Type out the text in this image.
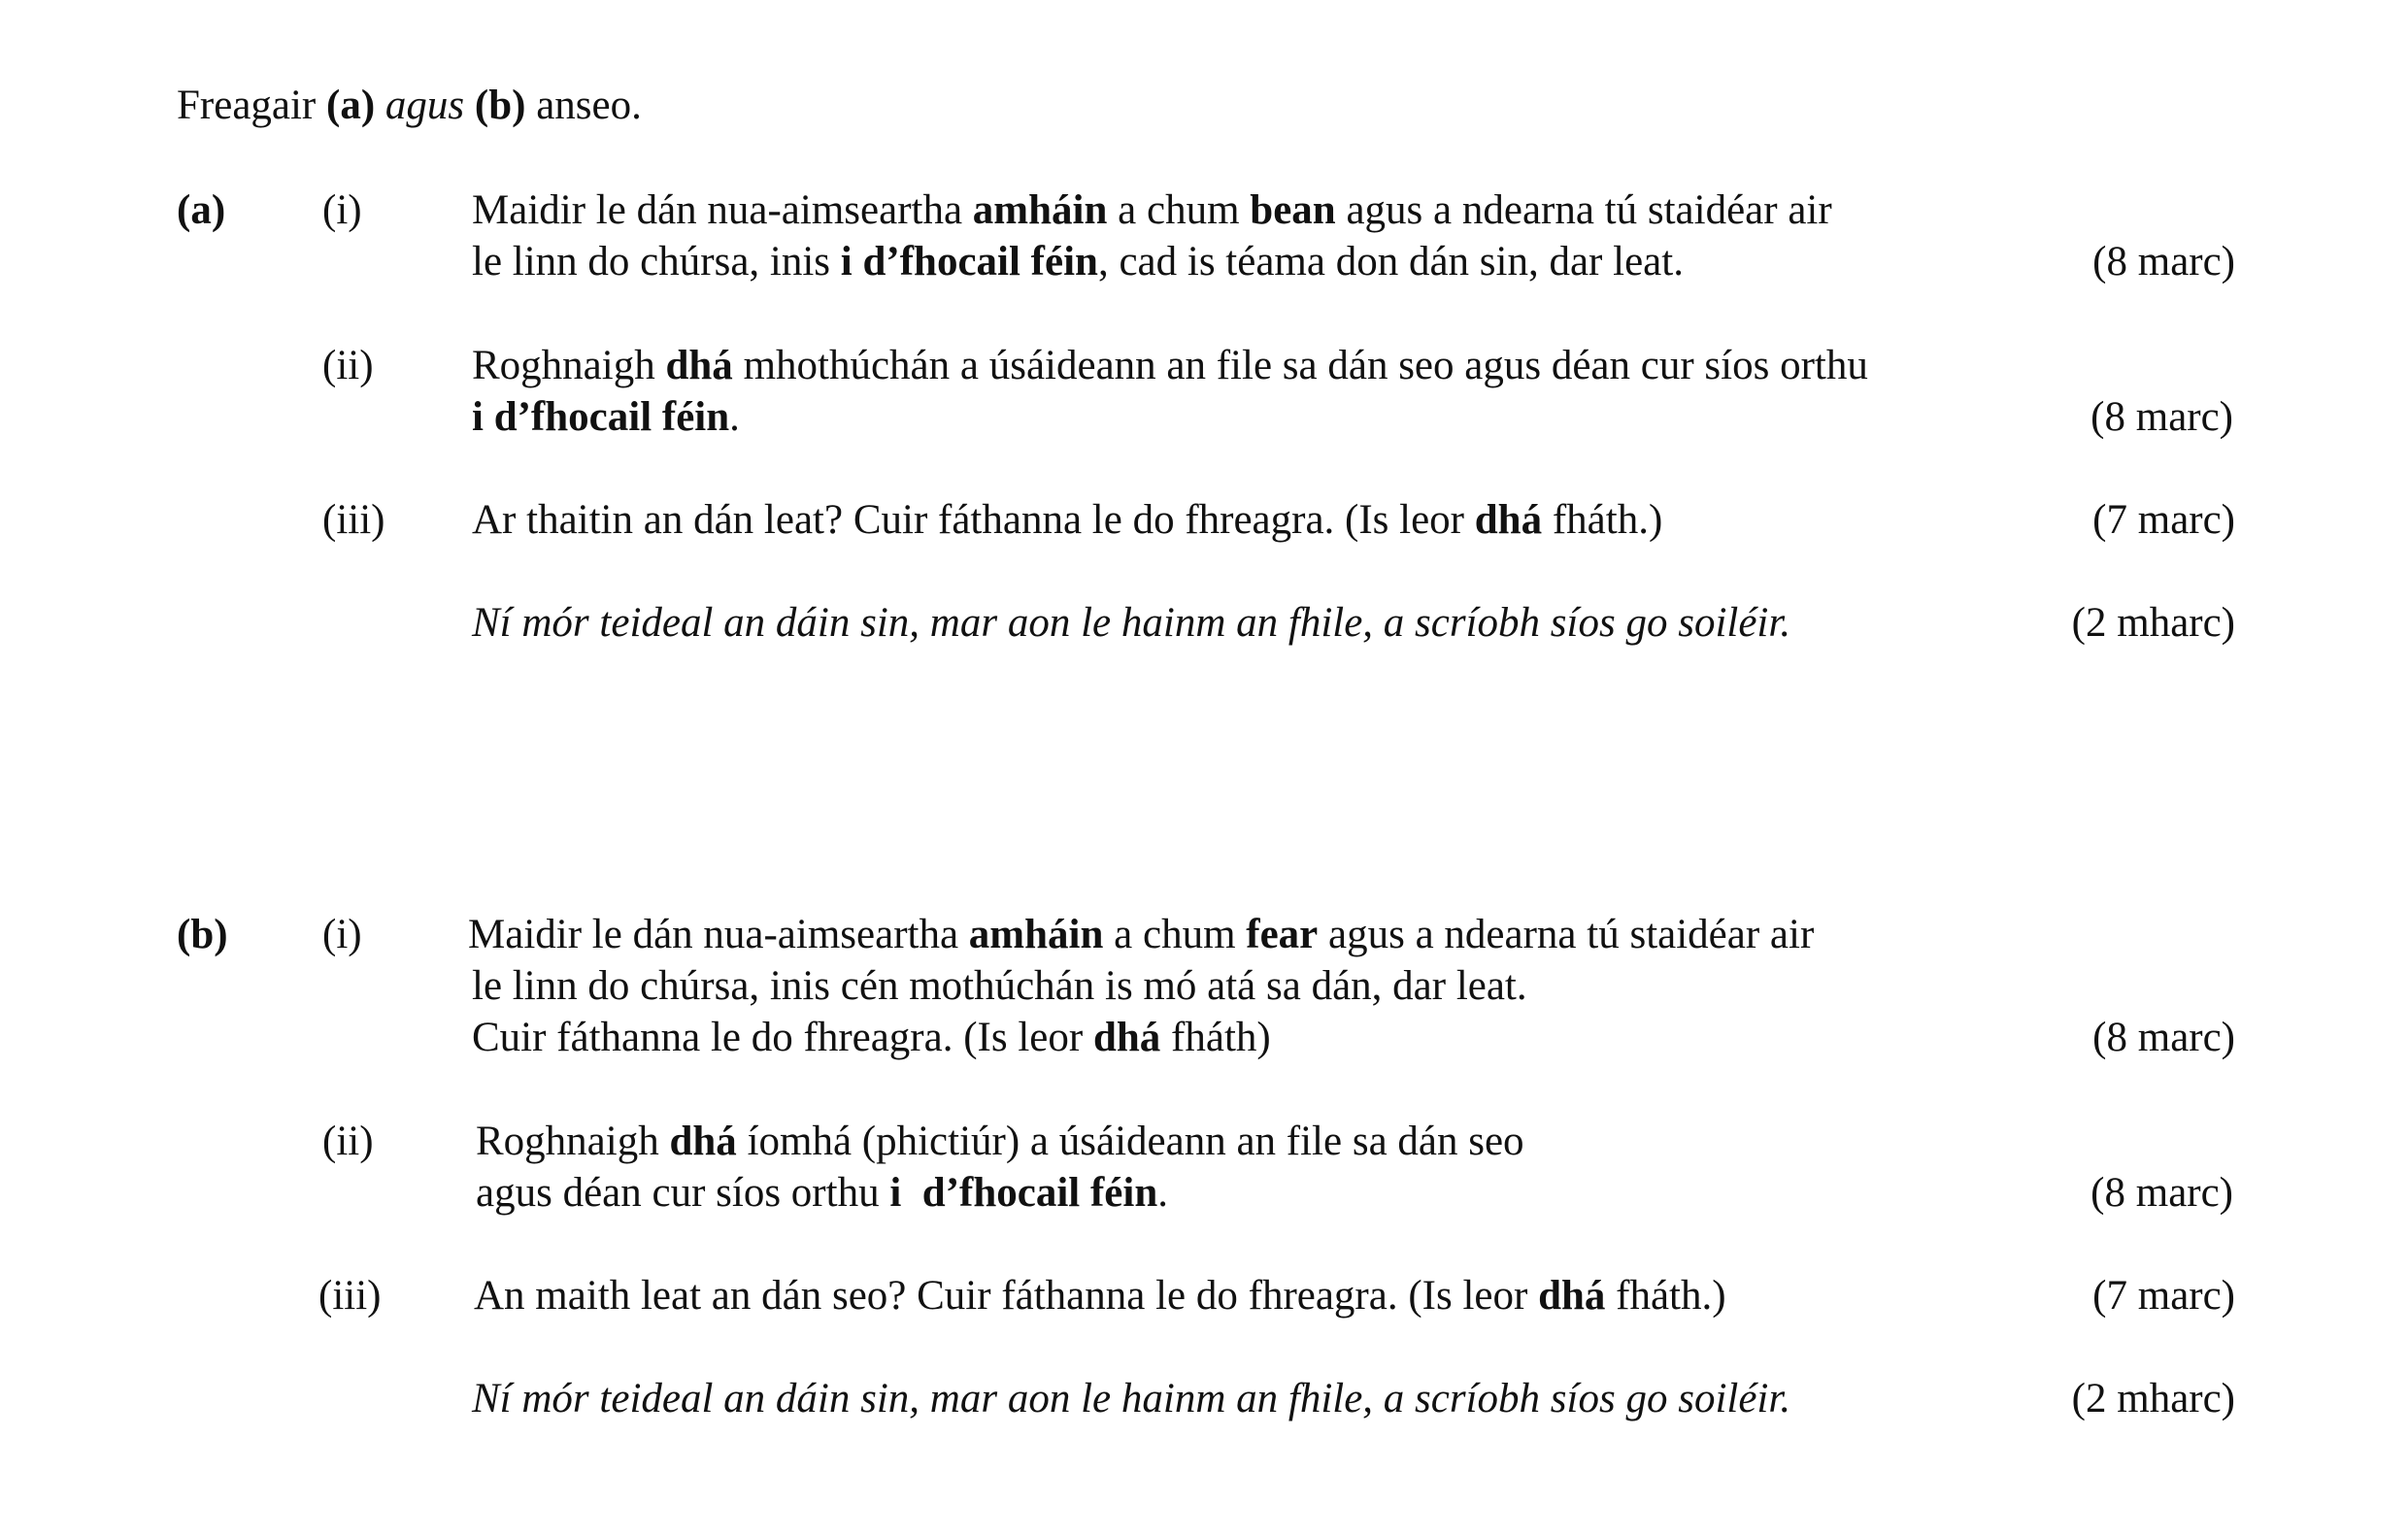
Freagair (a) agus (b) anseo.
(a) (i)	Maidir le dán nua-aimseartha amháin a chum bean agus a ndearna tú staidéar air
le linn do chúrsa, inis i d’fhocail féin, cad is téama don dán sin, dar leat.	(8 marc)
(ii) Roghnaigh dhá mhothúchán a úsáideann an file sa dán seo agus déan cur síos orthu
i d’fhocail féin.	(8 marc)
(iii) Ar thaitin an dán leat? Cuir fáthanna le do fhreagra. (Is leor dhá fháth.)	(7 marc)
Ní mór teideal an dáin sin, mar aon le hainm an fhile, a scríobh síos go soiléir.	(2 mharc)
(b) (i)	Maidir le dán nua-aimseartha amháin a chum fear agus a ndearna tú staidéar air
le linn do chúrsa, inis cén mothúchán is mó atá sa dán, dar leat.
Cuir fáthanna le do fhreagra. (Is leor dhá fháth)	(8 marc)
(ii) Roghnaigh dhá íomhá (phictiúr) a úsáideann an file sa dán seo
agus déan cur síos orthu i  d’fhocail féin.	(8 marc)
(iii) An maith leat an dán seo? Cuir fáthanna le do fhreagra. (Is leor dhá fháth.)	(7 marc)
Ní mór teideal an dáin sin, mar aon le hainm an fhile, a scríobh síos go soiléir.	(2 mharc)
